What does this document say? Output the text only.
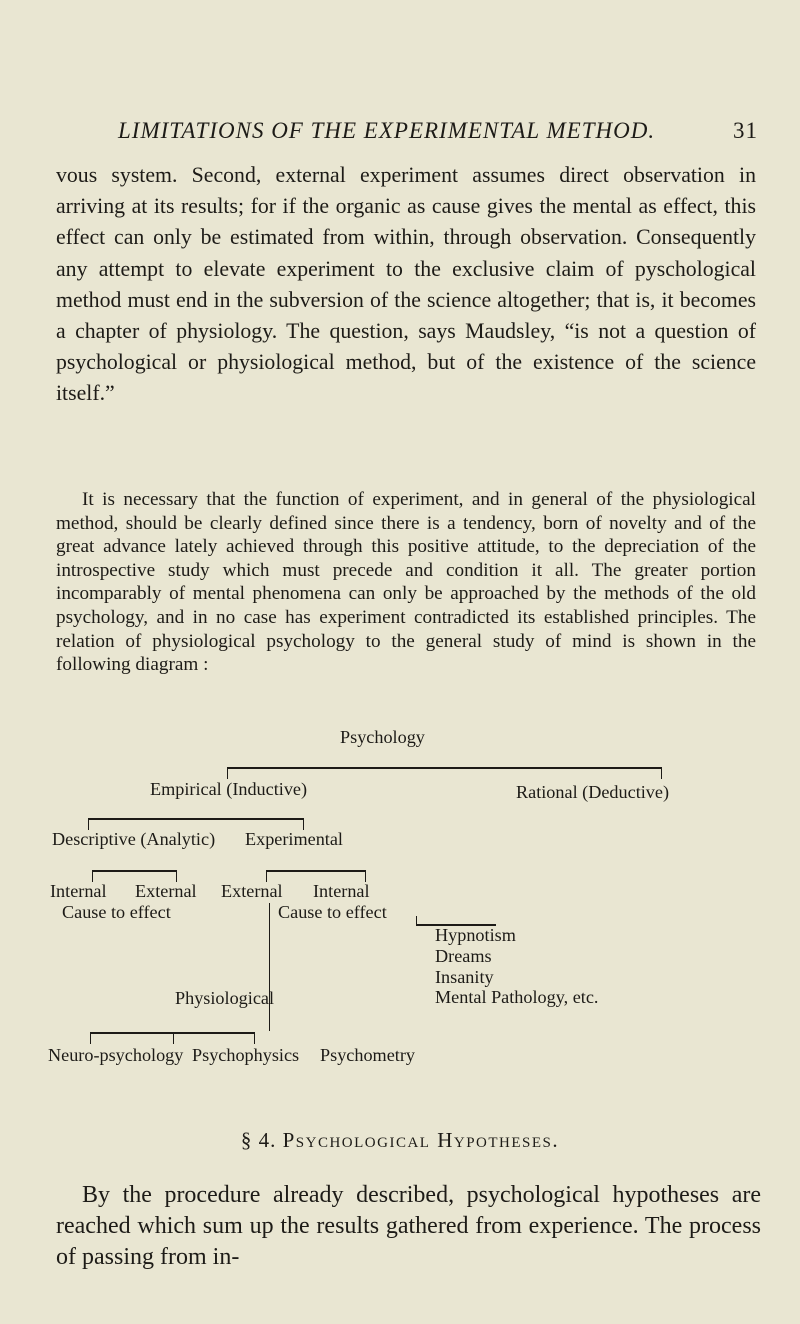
LIMITATIONS OF THE EXPERIMENTAL METHOD.	31

vous system. Second, external experiment assumes direct observation in arriving at its results; for if the organic as cause gives the mental as effect, this effect can only be estimated from within, through observation. Consequently any attempt to elevate experiment to the exclusive claim of pyschological method must end in the subversion of the science altogether; that is, it becomes a chapter of physiology. The question, says Maudsley, “is not a question of psychological or physiological method, but of the existence of the science itself.”

It is necessary that the function of experiment, and in general of the physiological method, should be clearly defined since there is a tendency, born of novelty and of the great advance lately achieved through this positive attitude, to the depreciation of the introspective study which must precede and condition it all. The greater portion incomparably of mental phenomena can only be approached by the methods of the old psychology, and in no case has experiment contradicted its established principles. The relation of physiological psychology to the general study of mind is shown in the following diagram :

Psychology
Empirical (Inductive)	Rational (Deductive)
Descriptive (Analytic) Experimental
Internal External External Internal
Cause to effect	Cause to effect
Hypnotism
Dreams
Insanity
Physiological	Mental Pathology, etc.
Neuro-psychology Psychophysics Psychometry
§ 4. Psychological Hypotheses.

By the procedure already described, psychological hypotheses are reached which sum up the results gathered from experience. The process of passing from in-
